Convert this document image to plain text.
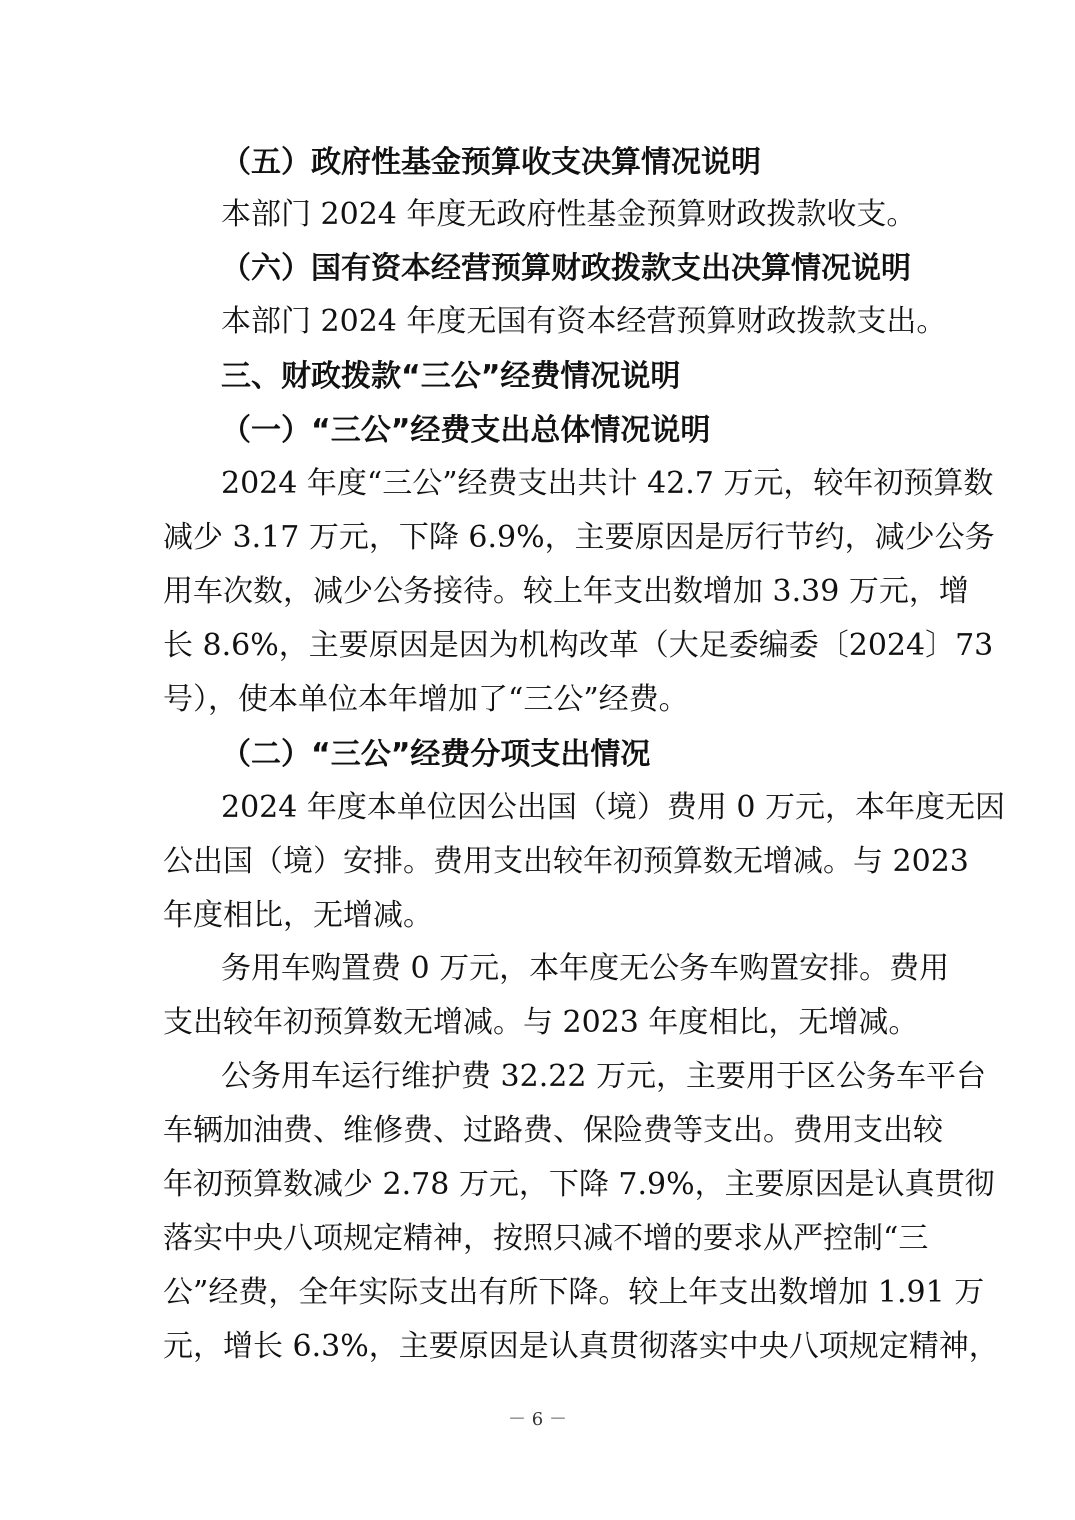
（五）政府性基金预算收支决算情况说明
本部门 2024 年度无政府性基金预算财政拨款收支。
（六）国有资本经营预算财政拨款支出决算情况说明
本部门 2024 年度无国有资本经营预算财政拨款支出。
三、财政拨款“三公”经费情况说明
（一）“三公”经费支出总体情况说明
2024 年度“三公”经费支出共计 42.7 万元，较年初预算数
减少 3.17 万元，下降 6.9%，主要原因是厉行节约，减少公务
用车次数，减少公务接待。较上年支出数增加 3.39 万元，增
长 8.6%，主要原因是因为机构改革（大足委编委〔2024〕73
号），使本单位本年增加了“三公”经费。
（二）“三公”经费分项支出情况
2024 年度本单位因公出国（境）费用 0 万元，本年度无因
公出国（境）安排。费用支出较年初预算数无增减。与 2023
年度相比，无增减。
务用车购置费 0 万元，本年度无公务车购置安排。费用
支出较年初预算数无增减。与 2023 年度相比，无增减。
公务用车运行维护费 32.22 万元，主要用于区公务车平台
车辆加油费、维修费、过路费、保险费等支出。费用支出较
年初预算数减少 2.78 万元，下降 7.9%，主要原因是认真贯彻
落实中央八项规定精神，按照只减不增的要求从严控制“三
公”经费，全年实际支出有所下降。较上年支出数增加 1.91 万
元，增长 6.3%，主要原因是认真贯彻落实中央八项规定精神，
－ 6 －
